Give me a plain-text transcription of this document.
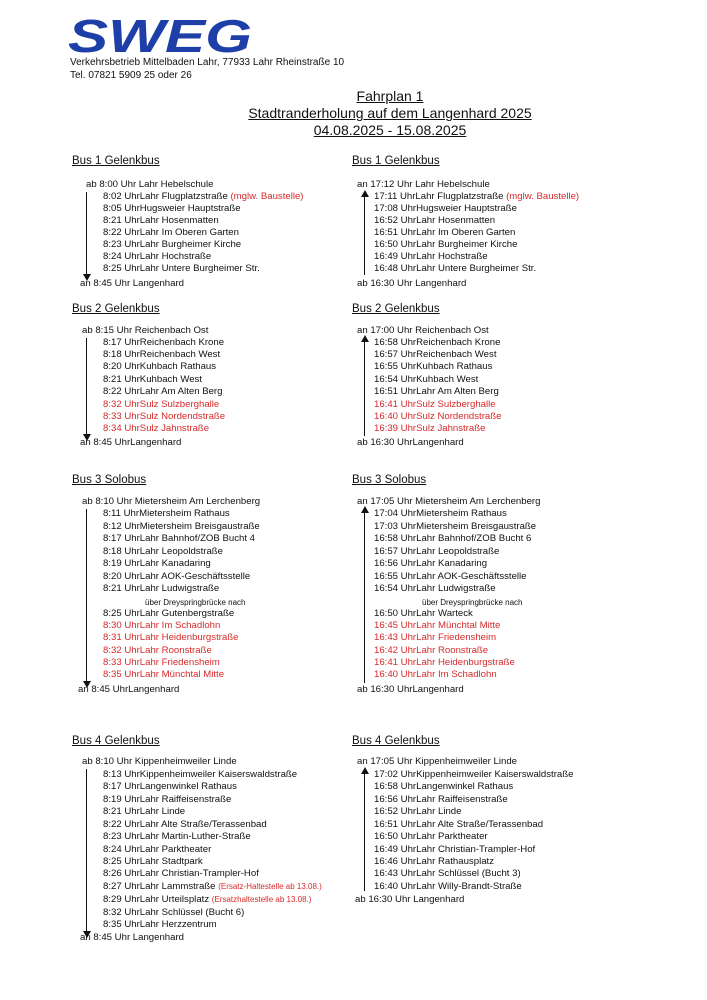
SWEG
Verkehrsbetrieb Mittelbaden Lahr, 77933 Lahr Rheinstraße 10
Tel. 07821 5909 25 oder 26
Fahrplan 1
Stadtranderholung auf dem Langenhard 2025
04.08.2025 - 15.08.2025
Bus 1 Gelenkbus
ab 8:00 Uhr Lahr Hebelschule
8:02 UhrLahr Flugplatzstraße (mglw. Baustelle)
8:05 UhrHugsweier Hauptstraße
8:21 UhrLahr Hosenmatten
8:22 UhrLahr Im Oberen Garten
8:23 UhrLahr Burgheimer Kirche
8:24 UhrLahr Hochstraße
8:25 UhrLahr Untere Burgheimer Str.
an 8:45 Uhr Langenhard
Bus 2 Gelenkbus
ab 8:15 Uhr Reichenbach Ost
8:17 UhrReichenbach Krone
8:18 UhrReichenbach West
8:20 UhrKuhbach Rathaus
8:21 UhrKuhbach West
8:22 UhrLahr Am Alten Berg
8:32 UhrSulz Sulzberghalle
8:33 UhrSulz Nordendstraße
8:34 UhrSulz Jahnstraße
an 8:45 UhrLangenhard
Bus 3 Solobus
ab 8:10 Uhr Mietersheim Am Lerchenberg
8:11 UhrMietersheim Rathaus
8:12 UhrMietersheim Breisgaustraße
8:17 UhrLahr Bahnhof/ZOB Bucht 4
8:18 UhrLahr Leopoldstraße
8:19 UhrLahr Kanadaring
8:20 UhrLahr AOK-Geschäftsstelle
8:21 UhrLahr Ludwigstraße
über Dreyspringbrücke nach
8:25 UhrLahr Gutenbergstraße
8:30 UhrLahr Im Schadlohn
8:31 UhrLahr Heidenburgstraße
8:32 UhrLahr Roonstraße
8:33 UhrLahr Friedensheim
8:35 UhrLahr Münchtal Mitte
an 8:45 UhrLangenhard
Bus 4 Gelenkbus
ab 8:10 Uhr Kippenheimweiler Linde
8:13 UhrKippenheimweiler Kaiserswaldstraße
8:17 UhrLangenwinkel Rathaus
8:19 UhrLahr Raiffeisenstraße
8:21 UhrLahr Linde
8:22 UhrLahr Alte Straße/Terassenbad
8:23 UhrLahr Martin-Luther-Straße
8:24 UhrLahr Parktheater
8:25 UhrLahr Stadtpark
8:26 UhrLahr Christian-Trampler-Hof
8:27 UhrLahr Lammstraße (Ersatz-Haltestelle ab 13.08.)
8:29 UhrLahr Urteilsplatz (Ersatzhaltestelle ab 13.08.)
8:32 UhrLahr Schlüssel (Bucht 6)
8:35 UhrLahr Herzzentrum
an 8:45 Uhr Langenhard
Bus 1 Gelenkbus
an 17:12 Uhr Lahr Hebelschule
17:11 UhrLahr Flugplatzstraße (mglw. Baustelle)
17:08 UhrHugsweier Hauptstraße
16:52 UhrLahr Hosenmatten
16:51 UhrLahr Im Oberen Garten
16:50 UhrLahr Burgheimer Kirche
16:49 UhrLahr Hochstraße
16:48 UhrLahr Untere Burgheimer Str.
ab 16:30 Uhr Langenhard
Bus 2 Gelenkbus
an 17:00 Uhr Reichenbach Ost
16:58 UhrReichenbach Krone
16:57 UhrReichenbach West
16:55 UhrKuhbach Rathaus
16:54 UhrKuhbach West
16:51 UhrLahr Am Alten Berg
16:41 UhrSulz Sulzberghalle
16:40 UhrSulz Nordendstraße
16:39 UhrSulz Jahnstraße
ab 16:30 UhrLangenhard
Bus 3 Solobus
an 17:05 Uhr Mietersheim Am Lerchenberg
17:04 UhrMietersheim Rathaus
17:03 UhrMietersheim Breisgaustraße
16:58 UhrLahr Bahnhof/ZOB Bucht 6
16:57 UhrLahr Leopoldstraße
16:56 UhrLahr Kanadaring
16:55 UhrLahr AOK-Geschäftsstelle
16:54 UhrLahr Ludwigstraße
über Dreyspringbrücke nach
16:50 UhrLahr Warteck
16:45 UhrLahr Münchtal Mitte
16:43 UhrLahr Friedensheim
16:42 UhrLahr Roonstraße
16:41 UhrLahr Heidenburgstraße
16:40 UhrLahr Im Schadlohn
ab 16:30 UhrLangenhard
Bus 4 Gelenkbus
an 17:05 Uhr Kippenheimweiler Linde
17:02 UhrKippenheimweiler Kaiserswaldstraße
16:58 UhrLangenwinkel Rathaus
16:56 UhrLahr Raiffeisenstraße
16:52 UhrLahr Linde
16:51 UhrLahr Alte Straße/Terassenbad
16:50 UhrLahr Parktheater
16:49 UhrLahr Christian-Trampler-Hof
16:46 UhrLahr Rathausplatz
16:43 UhrLahr Schlüssel (Bucht 3)
16:40 UhrLahr Willy-Brandt-Straße
ab 16:30 Uhr Langenhard
